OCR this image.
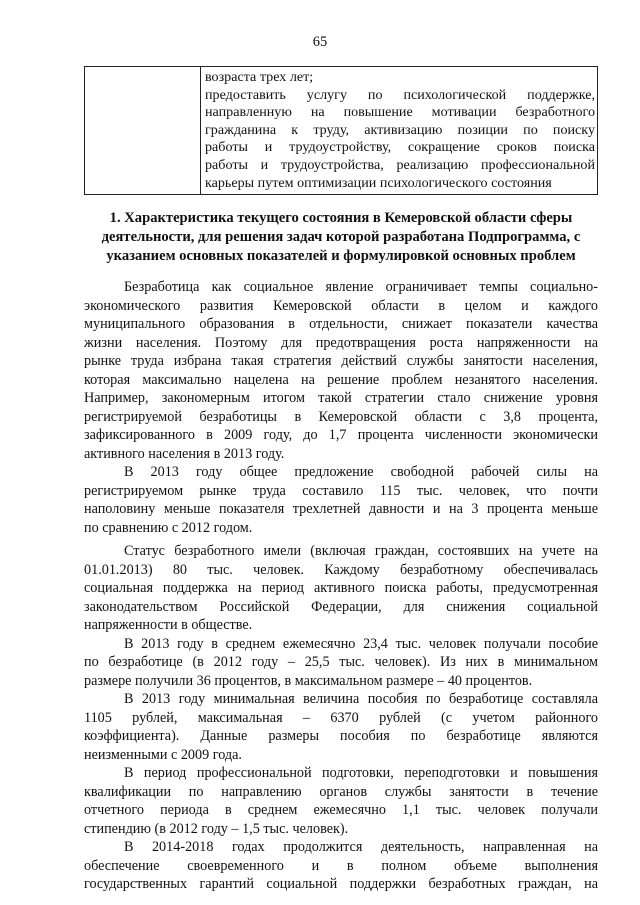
65

возраста трех лет;
предоставить услугу по психологической поддержке,
направленную на повышение мотивации безработного
гражданина к труду, активизацию позиции по поиску
работы и трудоустройству, сокращение сроков поиска
работы и трудоустройства, реализацию профессиональной
карьеры путем оптимизации психологического состояния
1. Характеристика текущего состояния в Кемеровской области сферы
деятельности, для решения задач которой разработана Подпрограмма, с
указанием основных показателей и формулировкой основных проблем
Безработица как социальное явление ограничивает темпы социально-
экономического развития Кемеровской области в целом и каждого
муниципального образования в отдельности, снижает показатели качества
жизни населения. Поэтому для предотвращения роста напряженности на
рынке труда избрана такая стратегия действий службы занятости населения,
которая максимально нацелена на решение проблем незанятого населения.
Например, закономерным итогом такой стратегии стало снижение уровня
регистрируемой безработицы в Кемеровской области с 3,8 процента,
зафиксированного в 2009 году, до 1,7 процента численности экономически
активного населения в 2013 году.
В 2013 году общее предложение свободной рабочей силы на
регистрируемом рынке труда составило 115 тыс. человек, что почти
наполовину меньше показателя трехлетней давности и на 3 процента меньше
по сравнению с 2012 годом.
Статус безработного имели (включая граждан, состоявших на учете на
01.01.2013) 80 тыс. человек. Каждому безработному обеспечивалась
социальная поддержка на период активного поиска работы, предусмотренная
законодательством Российской Федерации, для снижения социальной
напряженности в обществе.
В 2013 году в среднем ежемесячно 23,4 тыс. человек получали пособие
по безработице (в 2012 году – 25,5 тыс. человек). Из них в минимальном
размере получили 36 процентов, в максимальном размере – 40 процентов.
В 2013 году минимальная величина пособия по безработице составляла
1105 рублей, максимальная – 6370 рублей (с учетом районного
коэффициента). Данные размеры пособия по безработице являются
неизменными с 2009 года.
В период профессиональной подготовки, переподготовки и повышения
квалификации по направлению органов службы занятости в течение
отчетного периода в среднем ежемесячно 1,1 тыс. человек получали
стипендию (в 2012 году – 1,5 тыс. человек).
В 2014-2018 годах продолжится деятельность, направленная на
обеспечение своевременного и в полном объеме выполнения
государственных гарантий социальной поддержки безработных граждан, на
